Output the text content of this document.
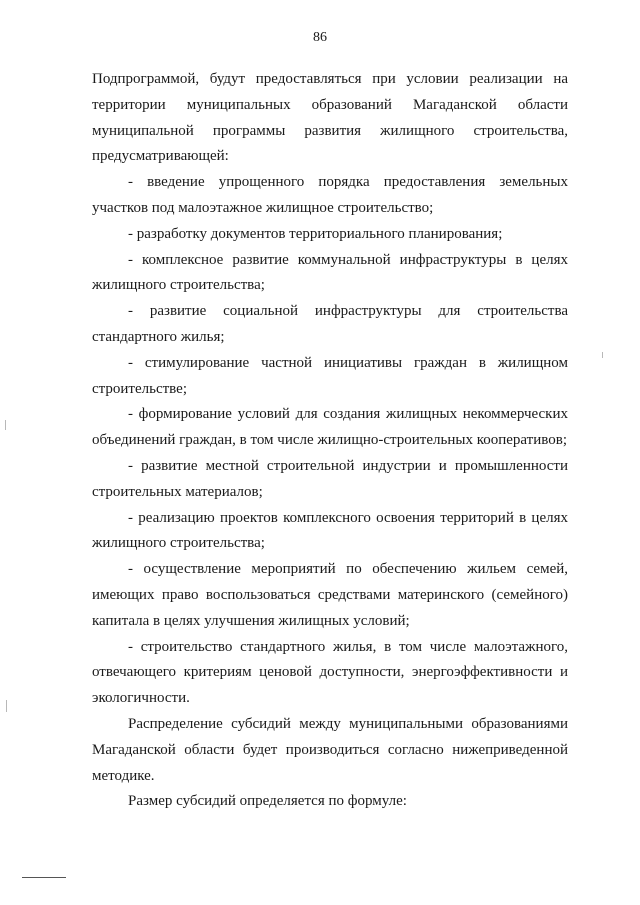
86

Подпрограммой, будут предоставляться при условии реализации на территории муниципальных образований Магаданской области муниципальной программы развития жилищного строительства, предусматривающей:

- введение упрощенного порядка предоставления земельных участков под малоэтажное жилищное строительство;

- разработку документов территориального планирования;

- комплексное развитие коммунальной инфраструктуры в целях жилищного строительства;

- развитие социальной инфраструктуры для строительства стандартного жилья;

- стимулирование частной инициативы граждан в жилищном строительстве;

- формирование условий для создания жилищных некоммерческих объединений граждан, в том числе жилищно-строительных кооперативов;

- развитие местной строительной индустрии и промышленности строительных материалов;

- реализацию проектов комплексного освоения территорий в целях жилищного строительства;

- осуществление мероприятий по обеспечению жильем семей, имеющих право воспользоваться средствами материнского (семейного) капитала в целях улучшения жилищных условий;

- строительство стандартного жилья, в том числе малоэтажного, отвечающего критериям ценовой доступности, энергоэффективности и экологичности.

Распределение субсидий между муниципальными образованиями Магаданской области будет производиться согласно нижеприведенной методике.

Размер субсидий определяется по формуле:
